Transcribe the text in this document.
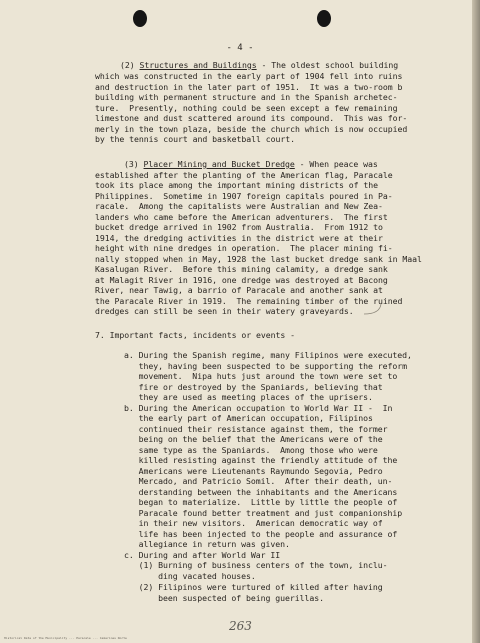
- 4 -

(2) Structures and Buildings - The oldest school building

which was constructed in the early part of 1904 fell into ruins

and destruction in the later part of 1951.  It was a two-room b

building with permanent structure and in the Spanish archetec-

ture.  Presently, nothing could be seen except a few remaining

limestone and dust scattered around its compound.  This was for-

merly in the town plaza, beside the church which is now occupied

by the tennis court and basketball court.

(3) Placer Mining and Bucket Dredge - When peace was

established after the planting of the American flag, Paracale

took its place among the important mining districts of the

Philippines.  Sometime in 1907 foreign capitals poured in Pa-

racale.  Among the capitalists were Australian and New Zea-

landers who came before the American adventurers.  The first

bucket dredge arrived in 1902 from Australia.  From 1912 to

1914, the dredging activities in the district were at their

height with nine dredges in operation.  The placer mining fi-

nally stopped when in May, 1928 the last bucket dredge sank in Maal

Kasalugan River.  Before this mining calamity, a dredge sank

at Malagit River in 1916, one dredge was destroyed at Bacong

River, near Tawig, a barrio of Paracale and another sank at

the Paracale River in 1919.  The remaining timber of the ruined

dredges can still be seen in their watery graveyards.

7. Important facts, incidents or events -

a. During the Spanish regime, many Filipinos were executed,

they, having been suspected to be supporting the reform

movement.  Nipa huts just around the town were set to

fire or destroyed by the Spaniards, believing that

they are used as meeting places of the uprisers.

b. During the American occupation to World War II -  In

the early part of American occupation, Filipinos

continued their resistance against them, the former

being on the belief that the Americans were of the

same type as the Spaniards.  Among those who were

killed resisting against the friendly attitude of the

Americans were Lieutenants Raymundo Segovia, Pedro

Mercado, and Patricio Somil.  After their death, un-

derstanding between the inhabitants and the Americans

began to materialize.  Little by little the people of

Paracale found better treatment and just companionship

in their new visitors.  American democratic way of

life has been injected to the people and assurance of

allegiance in return was given.

c. During and after World War II

(1) Burning of business centers of the town, inclu-

ding vacated houses.

(2) Filipinos were turtured of killed after having

been suspected of being guerillas.

263
Historical Data of the Municipality ... Paracale ... Camarines Norte
